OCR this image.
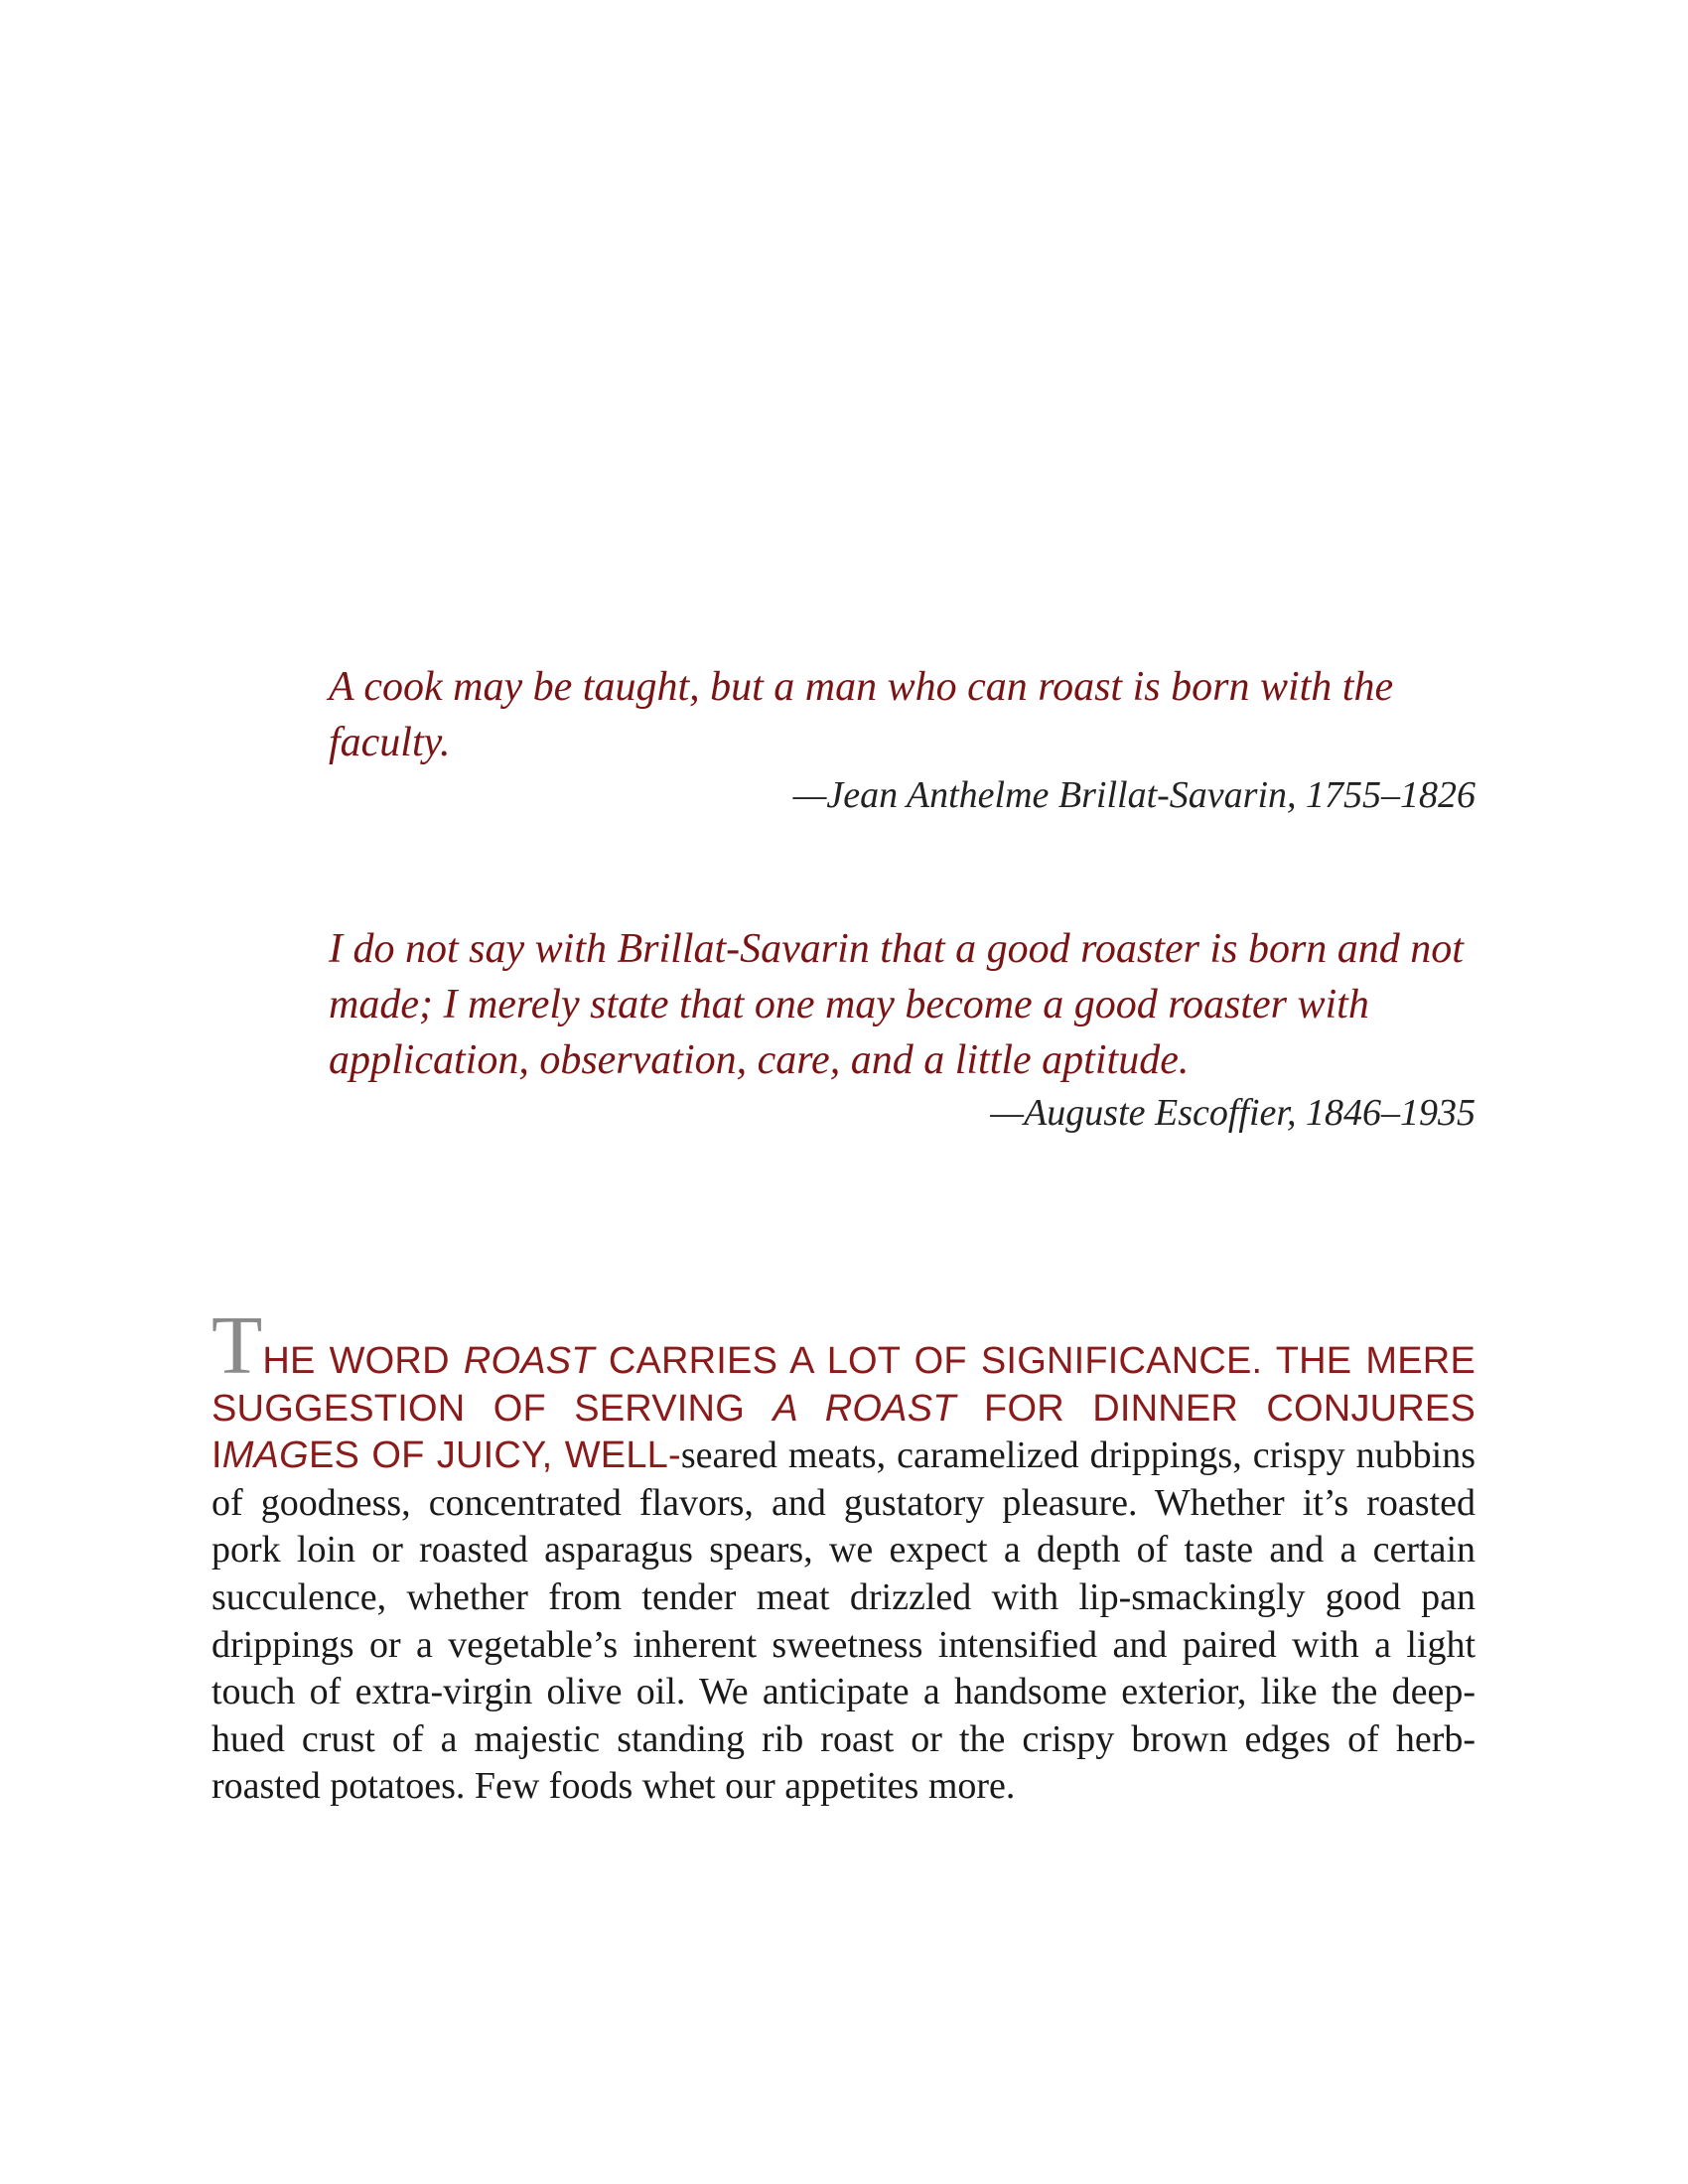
A cook may be taught, but a man who can roast is born with the faculty.
—Jean Anthelme Brillat-Savarin, 1755–1826
I do not say with Brillat-Savarin that a good roaster is born and not made; I merely state that one may become a good roaster with application, observation, care, and a little aptitude.
—Auguste Escoffier, 1846–1935

THE WORD ROAST CARRIES A LOT OF SIGNIFICANCE. THE MERE SUGGESTION OF SERVING A ROAST FOR DINNER CONJURES IMAGES OF JUICY, WELL-seared meats, caramelized drippings, crispy nubbins of goodness, concentrated flavors, and gustatory pleasure. Whether it’s roasted pork loin or roasted asparagus spears, we expect a depth of taste and a certain succulence, whether from tender meat drizzled with lip-smackingly good pan drippings or a vegetable’s inherent sweetness intensified and paired with a light touch of extra-virgin olive oil. We anticipate a handsome exterior, like the deep-hued crust of a majestic standing rib roast or the crispy brown edges of herb-roasted potatoes. Few foods whet our appetites more.
